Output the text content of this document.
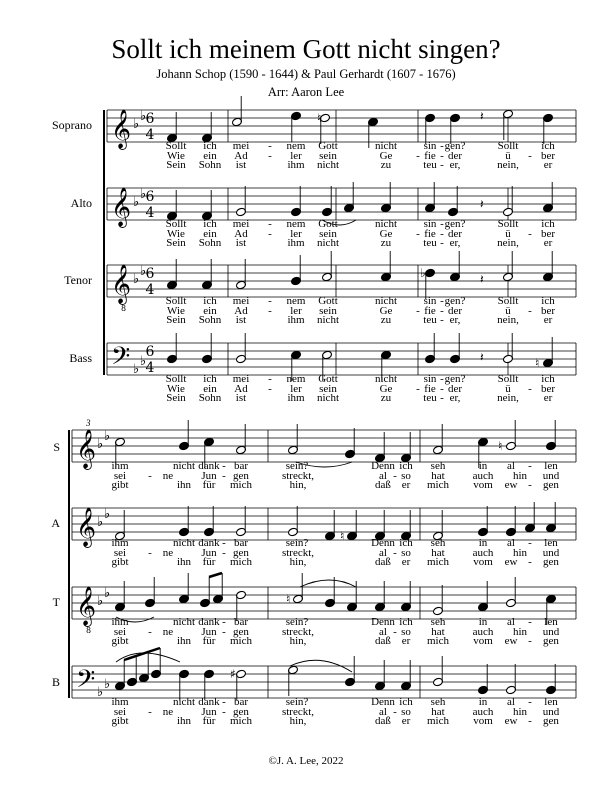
Sollt ich meinem Gott nicht singen?
Johann Schop (1590 - 1644) & Paul Gerhardt (1607 - 1676)
Arr: Aaron Lee
Soprano
Alto
Tenor
Bass
S
A
T
B
3
𝄞 ♭
♭ 6
4
𝄞 ♭
♭ 6
4
𝄞 ♭
♭ 6
4
8
𝄢 ♭
♭
6
4
♮	𝄽
𝄽
♭	𝄽
♮
𝄽
𝄞 ♭
♭
𝄞 ♭
♭
𝄞 ♭
♭
8
𝄢 ♭
♭
♮
♮
♮
♯
Sollt ich mei - nem Gott	nicht sin - gen?	Sollt ich
Wie ein Ad - ler sein	Ge - fie - der	ü - ber
Sein Sohn ist	ihm nicht	zu	teu - er,	nein, er
Sollt ich mei - nem Gott	nicht sin - gen?	Sollt ich
Wie ein Ad - ler sein	Ge - fie - der	ü - ber
Sein Sohn ist	ihm nicht	zu	teu - er,	nein, er
Sollt ich mei - nem Gott	nicht sin - gen?	Sollt ich
Wie ein Ad - ler sein	Ge - fie - der	ü - ber
Sein Sohn ist	ihm nicht	zu	teu - er,	nein, er
Sollt ich mei - nem Gott	nicht sin - gen?	Sollt ich
Wie ein Ad - ler sein	Ge - fie - der	ü - ber
Sein Sohn ist	ihm nicht	zu	teu - er,	nein, er
ihm	nicht dank - bar	sein?	Denn ich seh	in al - len
sei - ne	Jun - gen	streckt,	al - so hat	auch hin und
gibt	ihn für mich	hin,	daß er mich vom ew - gen
ihm	nicht dank - bar	sein?	Denn ich seh	in al - len
sei - ne	Jun - gen	streckt,	al - so hat	auch hin und
gibt	ihn für mich	hin,	daß er mich vom ew - gen
ihm	nicht dank - bar	sein?	Denn ich seh	in al - len
sei - ne	Jun - gen	streckt,	al - so hat	auch hin und
gibt	ihn für mich	hin,	daß er mich vom ew - gen
ihm	nicht dank - bar	sein?	Denn ich seh	in al - len
sei - ne	Jun - gen	streckt,	al - so hat	auch hin und
gibt	ihn für mich	hin,	daß er mich vom ew - gen
©J. A. Lee, 2022
